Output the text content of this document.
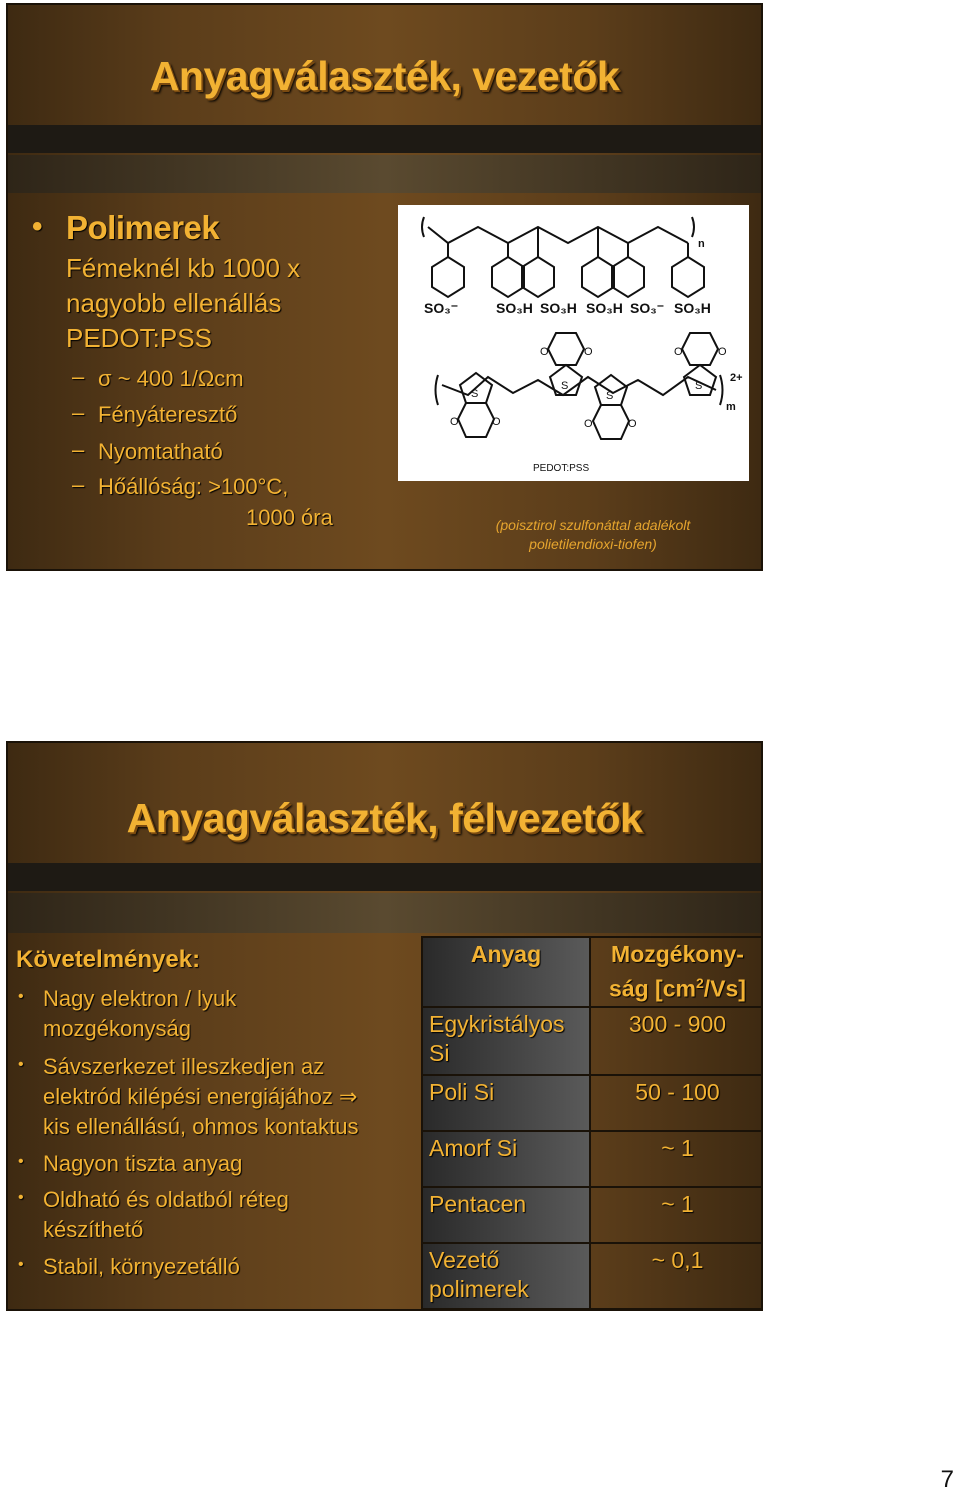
Anyagválaszték, vezetők
• Polimerek
Fémeknél kb 1000 x
nagyobb ellenállás
PEDOT:PSS
– σ ~ 400 1/Ωcm
– Fényáteresztő
– Nyomtatható
– Hőállóság: >100°C,
1000 óra
SO₃⁻	SO₃H SO₃H SO₃H SO₃⁻ SO₃H
n
m
2+
PEDOT:PSS
S
S
S
S
O	O
O	O
O	O
O	O
(poisztirol szulfonáttal adalékolt
polietilendioxi-tiofen)
Anyagválaszték, félvezetők
Követelmények:
• Nagy elektron / lyuk
mozgékonyság
• Sávszerkezet illeszkedjen az
elektród kilépési energiájához ⇒
kis ellenállású, ohmos kontaktus
• Nagyon tiszta anyag
• Oldható és oldatból réteg
készíthető
• Stabil, környezetálló
Anyag	Mozgékony-
ság $[cm^2/Vs]$
Egykristályos
Si	300 - 900
Poli Si	50 - 100
Amorf Si	~ 1
Pentacen	~ 1
Vezető
polimerek	~ 0,1
7
